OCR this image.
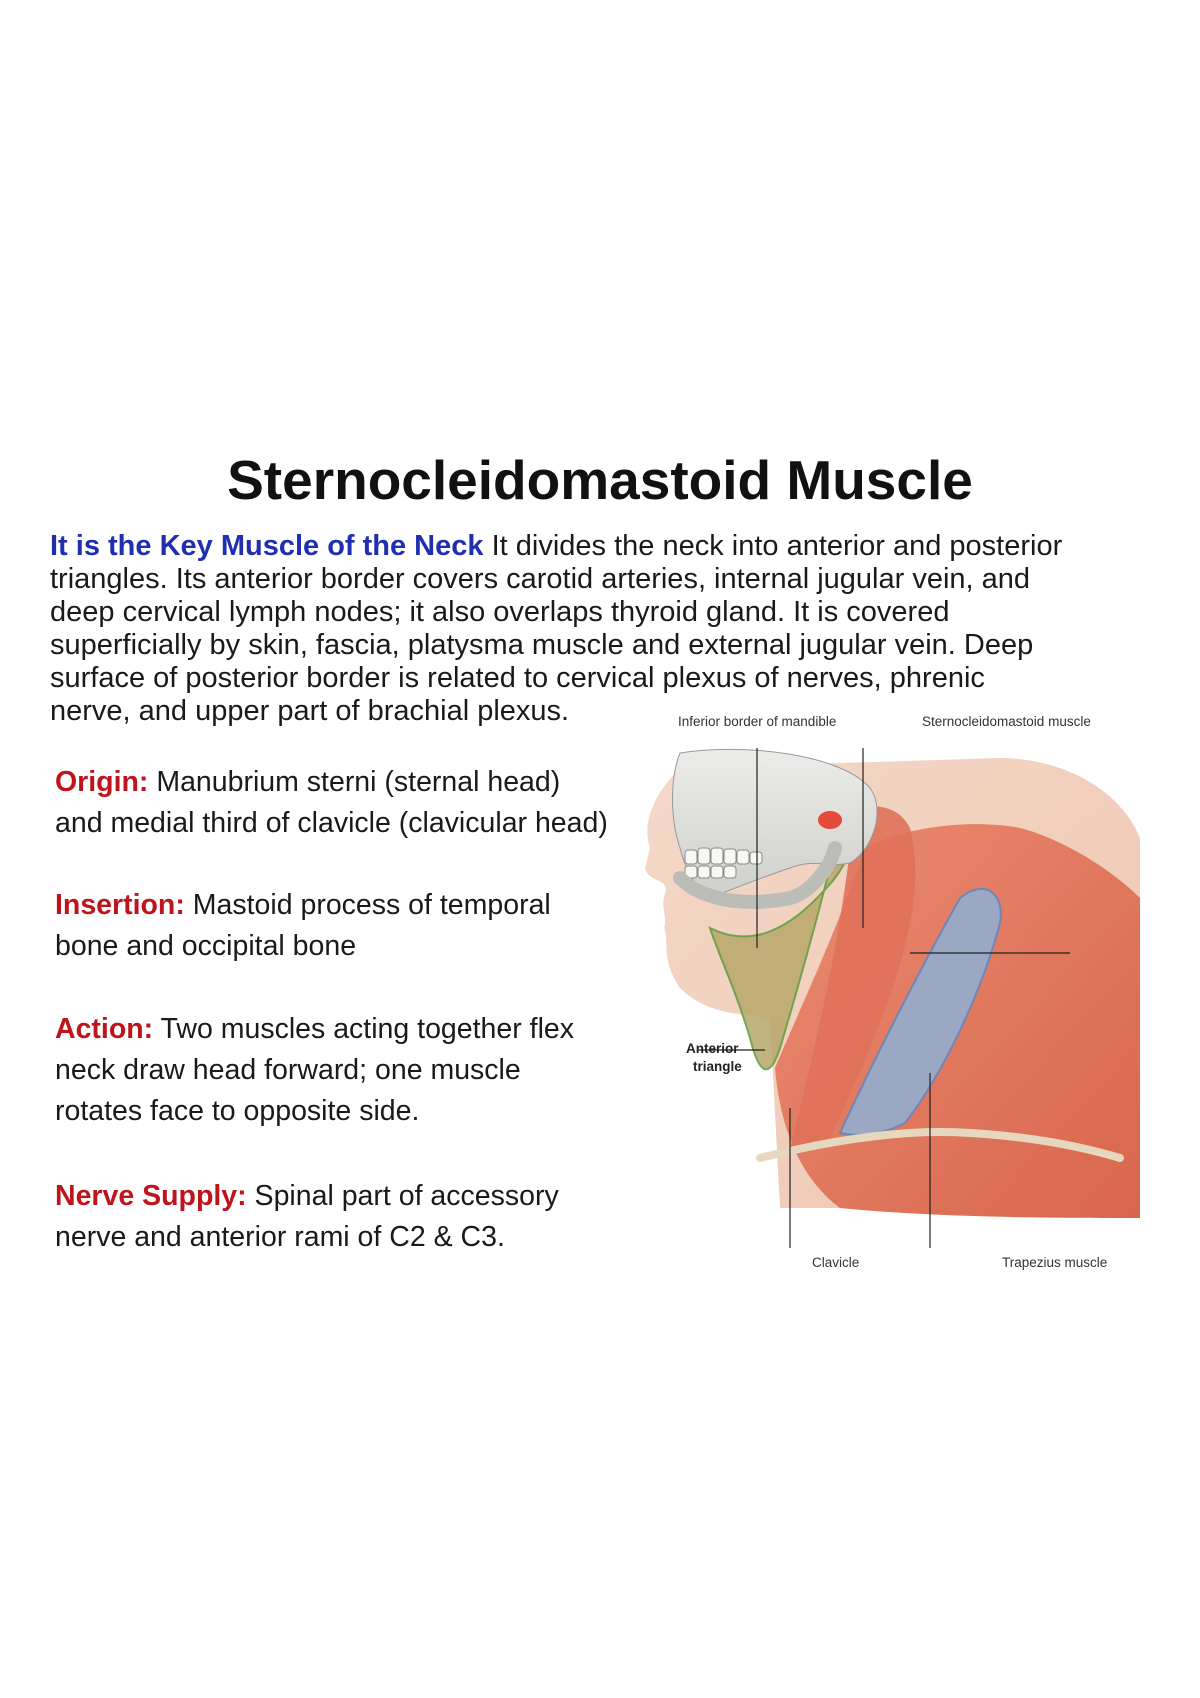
Sternocleidomastoid Muscle
It is the Key Muscle of the Neck It divides the neck into anterior and posterior
triangles. Its anterior border covers carotid arteries, internal jugular vein, and
deep cervical lymph nodes; it also overlaps thyroid gland. It is covered
superficially by skin, fascia, platysma muscle and external jugular vein. Deep
surface of posterior border is related to cervical plexus of nerves, phrenic
nerve, and upper part of brachial plexus.
Origin: Manubrium sterni (sternal head)
and medial third of clavicle (clavicular head)
Insertion: Mastoid process of temporal
bone and occipital bone
Action: Two muscles acting together flex
neck draw head forward; one muscle
rotates face to opposite side.
Nerve Supply: Spinal part of accessory
nerve and anterior rami of C2 & C3.
Inferior border of mandible	Sternocleidomastoid muscle
Anterior
triangle
Clavicle	Trapezius muscle
